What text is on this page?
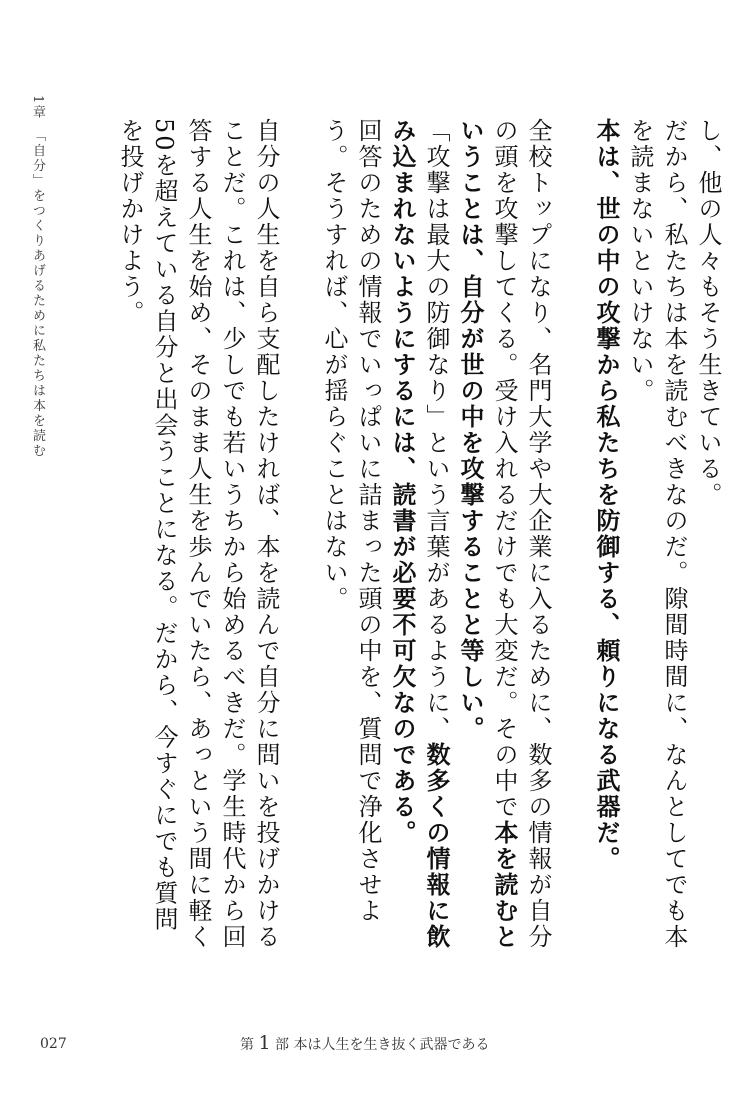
し、他の人々もそう生きている。

だから、私たちは本を読むべきなのだ。隙間時間に、なんとしてでも本を読まないといけない。

本は、世の中の攻撃から私たちを防御する、頼りになる武器だ。

全校トップになり、名門大学や大企業に入るために、数多の情報が自分の頭を攻撃してくる。受け入れるだけでも大変だ。その中で本を読むということは、自分が世の中を攻撃することと等しい。

「攻撃は最大の防御なり」という言葉があるように、数多くの情報に飲み込まれないようにするには、読書が必要不可欠なのである。

回答のための情報でいっぱいに詰まった頭の中を、質問で浄化させよう。そうすれば、心が揺らぐことはない。

自分の人生を自ら支配したければ、本を読んで自分に問いを投げかけることだ。これは、少しでも若いうちから始めるべきだ。学生時代から回答する人生を始め、そのまま人生を歩んでいたら、あっという間に軽く50を超えている自分と出会うことになる。だから、今すぐにでも質問を投げかけよう。

1章　「自分」をつくりあげるために私たちは本を読む
027	第 1 部 本は人生を生き抜く武器である
